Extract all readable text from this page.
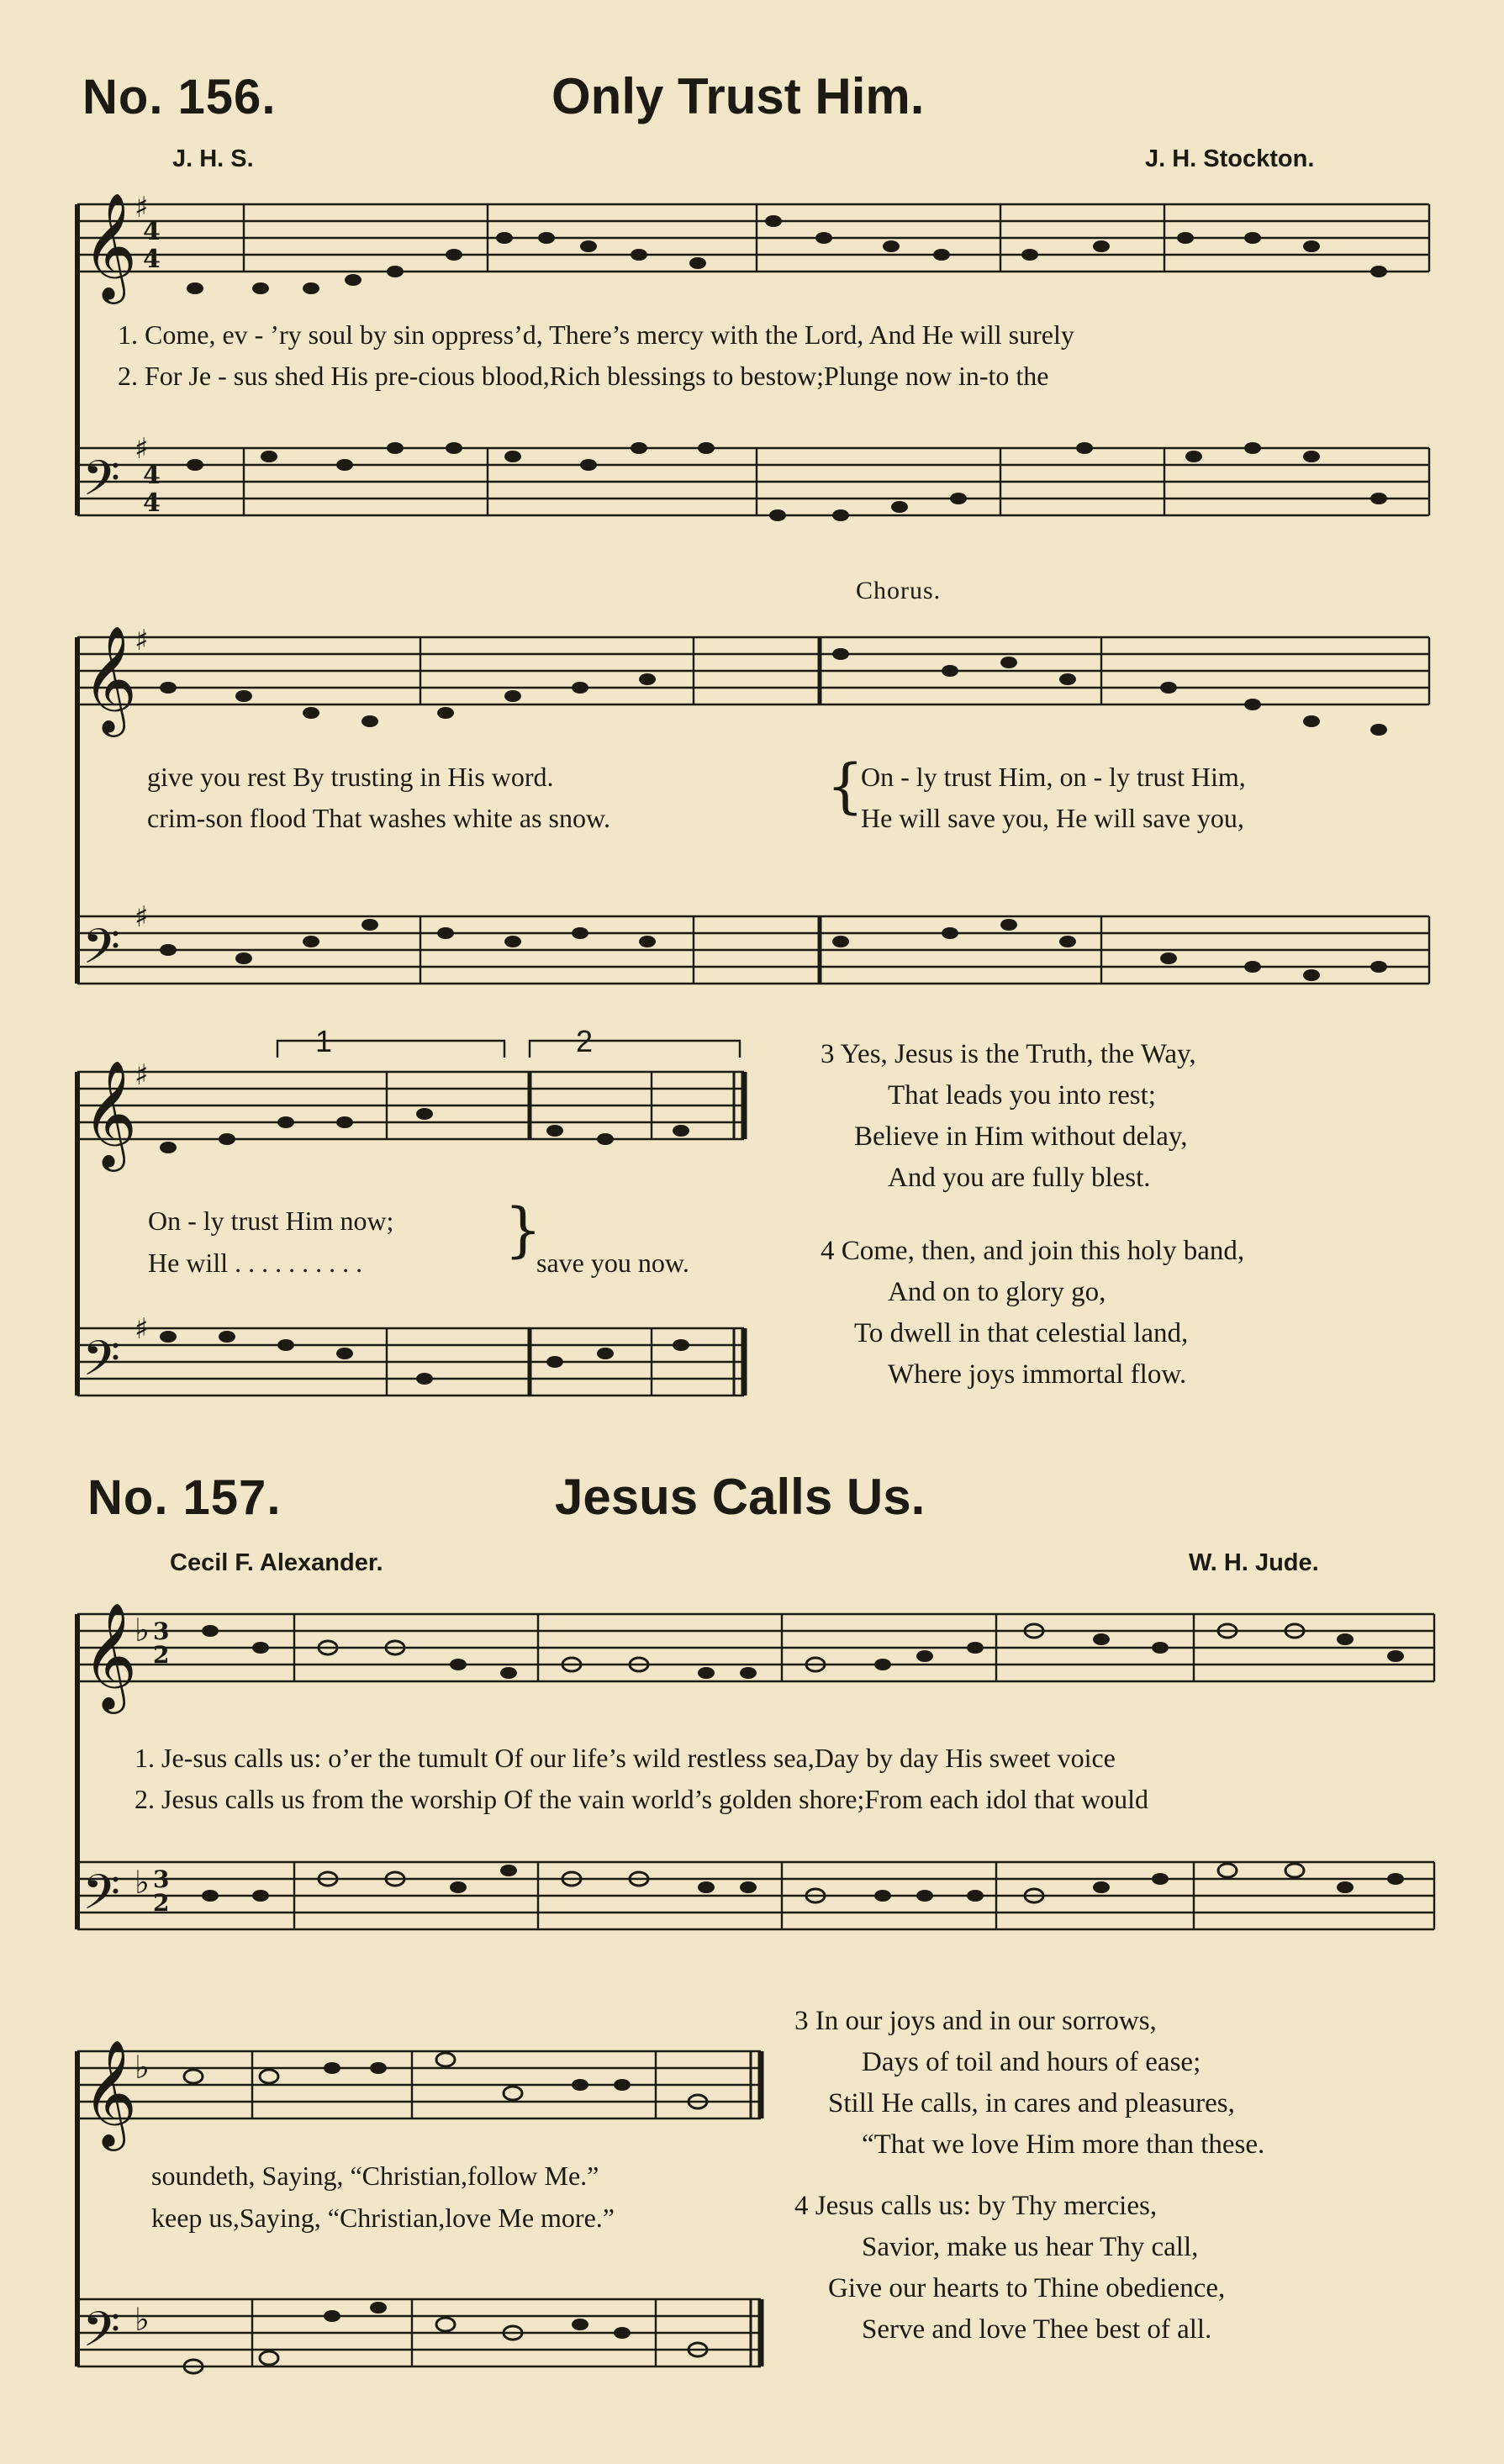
No. 156.	Only Trust Him.
J. H. S.	J. H. Stockton.
𝄞
𝄢
♯
♯
4
4
4
4
1. Come, ev - ’ry soul by sin oppress’d, There’s mercy with the Lord, And He will surely
2. For Je - sus shed His pre-cious blood,Rich blessings to bestow;Plunge now in-to the
Chorus.
𝄞
𝄢
♯
♯
give you rest By trusting in His word.
crim-son flood That washes white as snow.	{
On - ly trust Him, on - ly trust Him,
He will save you, He will save you,
𝄞
𝄢
♯
♯
1	2
On - ly trust Him now;
He will . . . . . . . . . . }
save you now.
3 Yes, Jesus is the Truth, the Way,
That leads you into rest;
Believe in Him without delay,
And you are fully blest.
4 Come, then, and join this holy band,
And on to glory go,
To dwell in that celestial land,
Where joys immortal flow.
No. 157.	Jesus Calls Us.
Cecil F. Alexander.	W. H. Jude.
𝄞
𝄢
♭
♭
3
2
3
2
1. Je-sus calls us: o’er the tumult Of our life’s wild restless sea,Day by day His sweet voice
2. Jesus calls us from the worship Of the vain world’s golden shore;From each idol that would
𝄞
𝄢
♭
♭
soundeth, Saying, “Christian,follow Me.”
keep us,Saying, “Christian,love Me more.”
3 In our joys and in our sorrows,
Days of toil and hours of ease;
Still He calls, in cares and pleasures,
“That we love Him more than these.
4 Jesus calls us: by Thy mercies,
Savior, make us hear Thy call,
Give our hearts to Thine obedience,
Serve and love Thee best of all.
